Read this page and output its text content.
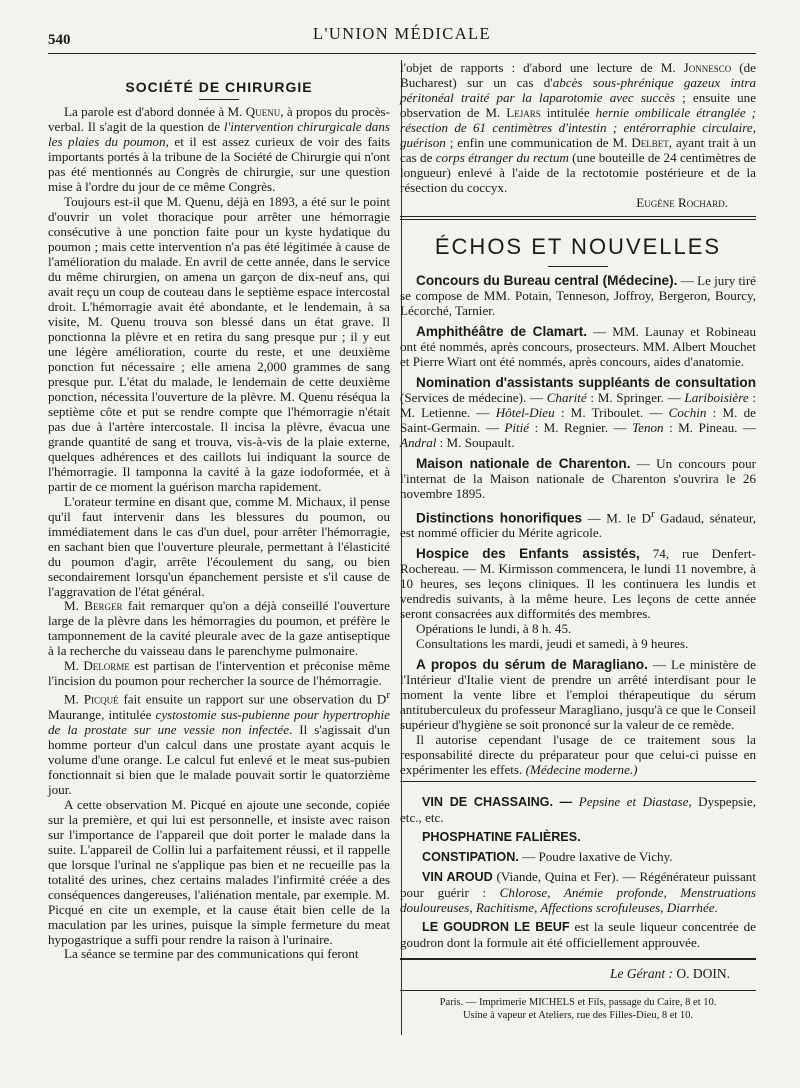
540	L'UNION MÉDICALE
SOCIÉTÉ DE CHIRURGIE

La parole est d'abord donnée à M. Quenu, à propos du procès-verbal. Il s'agit de la question de l'intervention chirurgicale dans les plaies du poumon, et il est assez curieux de voir des faits importants portés à la tribune de la Société de Chirurgie qui n'ont pas été mentionnés au Congrès de chirurgie, sur une question mise à l'ordre du jour de ce même Congrès.

Toujours est-il que M. Quenu, déjà en 1893, a été sur le point d'ouvrir un volet thoracique pour arrêter une hémorragie consécutive à une ponction faite pour un kyste hydatique du poumon ; mais cette intervention n'a pas été légitimée à cause de l'amélioration du malade. En avril de cette année, dans le service du même chirurgien, on amena un garçon de dix-neuf ans, qui avait reçu un coup de couteau dans le septième espace intercostal droit. L'hémorragie avait été abondante, et le lendemain, à sa visite, M. Quenu trouva son blessé dans un état grave. Il ponctionna la plèvre et en retira du sang presque pur ; il y eut une légère amélioration, courte du reste, et une deuxième ponction fut nécessaire ; elle amena 2,000 grammes de sang presque pur. L'état du malade, le lendemain de cette deuxième ponction, nécessita l'ouverture de la plèvre. M. Quenu réséqua la septième côte et put se rendre compte que l'hémorragie n'était pas due à l'artère intercostale. Il incisa la plèvre, évacua une grande quantité de sang et trouva, vis-à-vis de la plaie externe, quelques adhérences et des caillots lui indiquant la source de l'hémorragie. Il tamponna la cavité à la gaze iodoformée, et à partir de ce moment la guérison marcha rapidement.

L'orateur termine en disant que, comme M. Michaux, il pense qu'il faut intervenir dans les blessures du poumon, ou immédiatement dans le cas d'un duel, pour arrêter l'hémorragie, en sachant bien que l'ouverture pleurale, permettant à l'élasticité du poumon d'agir, arrête l'écoulement du sang, ou bien secondairement lorsqu'un épanchement persiste et s'il cause de l'aggravation de l'état général.

M. Berger fait remarquer qu'on a déjà conseillé l'ouverture large de la plèvre dans les hémorragies du poumon, et préfère le tamponnement de la cavité pleurale avec de la gaze antiseptique à la recherche du vaisseau dans le parenchyme pulmonaire.

M. Delorme est partisan de l'intervention et préconise même l'incision du poumon pour rechercher la source de l'hémorragie.

M. Picqué fait ensuite un rapport sur une observation du $D^r$ Maurange, intitulée cystostomie sus-pubienne pour hypertrophie de la prostate sur une vessie non infectée. Il s'agissait d'un homme porteur d'un calcul dans une prostate ayant acquis le volume d'une orange. Le calcul fut enlevé et le meat sus-pubien fonctionnait si bien que le malade pouvait sortir le quatorzième jour.

A cette observation M. Picqué en ajoute une seconde, copiée sur la première, et qui lui est personnelle, et insiste avec raison sur l'importance de l'appareil que doit porter le malade dans la suite. L'appareil de Collin lui a parfaitement réussi, et il rappelle que lorsque l'urinal ne s'applique pas bien et ne recueille pas la totalité des urines, chez certains malades l'infirmité créée a des conséquences dangereuses, l'aliénation mentale, par exemple. M. Picqué en cite un exemple, et la cause était bien celle de la maculation par les urines, puisque la simple fermeture du meat hypogastrique a suffi pour rendre la raison à l'urinaire.

La séance se termine par des communications qui feront

l'objet de rapports : d'abord une lecture de M. Jonnesco (de Bucharest) sur un cas d'abcès sous-phrénique gazeux intra péritonéal traité par la laparotomie avec succès ; ensuite une observation de M. Lejars intitulée hernie ombilicale étranglée ; résection de 61 centimètres d'intestin ; entérorraphie circulaire, guérison ; enfin une communication de M. Delbet, ayant trait à un cas de corps étranger du rectum (une bouteille de 24 centimètres de longueur) enlevé à l'aide de la rectotomie postérieure et de la résection du coccyx.

Eugène Rochard.

ÉCHOS ET NOUVELLES

Concours du Bureau central (Médecine). — Le jury tiré se compose de MM. Potain, Tenneson, Joffroy, Bergeron, Bourcy, Lécorché, Tarnier.

Amphithéâtre de Clamart. — MM. Launay et Robineau ont été nommés, après concours, prosecteurs. MM. Albert Mouchet et Pierre Wiart ont été nommés, après concours, aides d'anatomie.

Nomination d'assistants suppléants de consultation (Services de médecine). — Charité : M. Springer. — Lariboisière : M. Letienne. — Hôtel-Dieu : M. Triboulet. — Cochin : M. de Saint-Germain. — Pitié : M. Regnier. — Tenon : M. Pineau. — Andral : M. Soupault.

Maison nationale de Charenton. — Un concours pour l'internat de la Maison nationale de Charenton s'ouvrira le 26 novembre 1895.

Distinctions honorifiques — M. le $D^r$ Gadaud, sénateur, est nommé officier du Mérite agricole.

Hospice des Enfants assistés, 74, rue Denfert-Rochereau. — M. Kirmisson commencera, le lundi 11 novembre, à 10 heures, ses leçons cliniques. Il les continuera les lundis et vendredis suivants, à la même heure. Les leçons de cette année seront consacrées aux difformités des membres.

Opérations le lundi, à 8 h. 45.

Consultations les mardi, jeudi et samedi, à 9 heures.

A propos du sérum de Maragliano. — Le ministère de l'Intérieur d'Italie vient de prendre un arrêté interdisant pour le moment la vente libre et l'emploi thérapeutique du sérum antituberculeux du professeur Maragliano, jusqu'à ce que le Conseil supérieur d'hygiène se soit prononcé sur la valeur de ce remède.

Il autorise cependant l'usage de ce traitement sous la responsabilité directe du préparateur pour que celui-ci puisse en expérimenter les effets. (Médecine moderne.)

VIN DE CHASSAING. — Pepsine et Diastase, Dyspepsie, etc., etc.

PHOSPHATINE FALIÈRES.

CONSTIPATION. — Poudre laxative de Vichy.

VIN AROUD (Viande, Quina et Fer). — Régénérateur puissant pour guérir : Chlorose, Anémie profonde, Menstruations douloureuses, Rachitisme, Affections scrofuleuses, Diarrhée.

LE GOUDRON LE BEUF est la seule liqueur concentrée de goudron dont la formule ait été officiellement approuvée.

Le Gérant : O. DOIN.

Paris. — Imprimerie MICHELS et Fils, passage du Caire, 8 et 10.
Usine à vapeur et Ateliers, rue des Filles-Dieu, 8 et 10.
